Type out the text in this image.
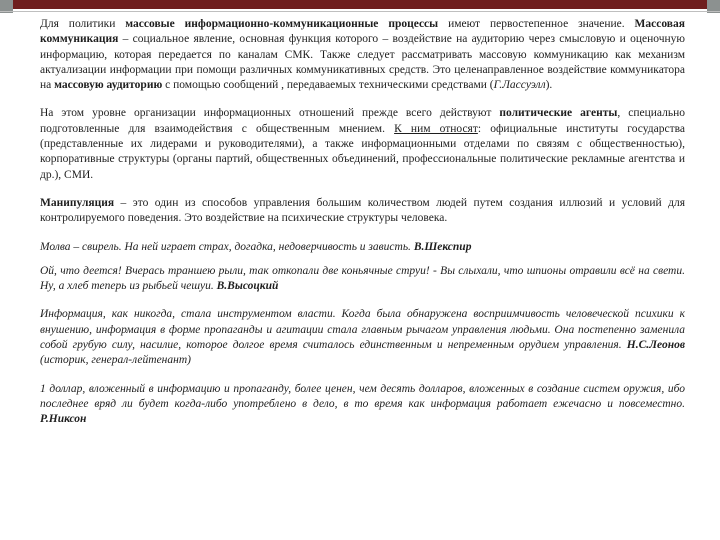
Для политики массовые информационно-коммуникационные процессы имеют первостепенное значение. Массовая коммуникация – социальное явление, основная функция которого – воздействие на аудиторию через смысловую и оценочную информацию, которая передается по каналам СМК. Также следует рассматривать массовую коммуникацию как механизм актуализации информации при помощи различных коммуникативных средств. Это целенаправленное воздействие коммуникатора на массовую аудиторию с помощью сообщений , передаваемых техническими средствами (Г.Лассуэлл).

На этом уровне организации информационных отношений прежде всего действуют политические агенты, специально подготовленные для взаимодействия с общественным мнением. К ним относят: официальные институты государства (представленные их лидерами и руководителями), а также информационными отделами по связям с общественностью), корпоративные структуры (органы партий, общественных объединений, профессиональные политические рекламные агентства и др.), СМИ.

Манипуляция – это один из способов управления большим количеством людей путем создания иллюзий и условий для контролируемого поведения. Это воздействие на психические структуры человека.

Молва – свирель. На ней играет страх, догадка, недоверчивость и зависть. В.Шекспир

Ой, что деется! Вчерась траншею рыли, так откопали две коньячные струи! - Вы слыхали, что шпионы отравили всё на свети. Ну, а хлеб теперь из рыбьей чешуи. В.Высоцкий

Информация, как никогда, стала инструментом власти. Когда была обнаружена восприимчивость человеческой психики к внушению, информация в форме пропаганды и агитации стала главным рычагом управления людьми. Она постепенно заменила собой грубую силу, насилие, которое долгое время считалось единственным и непременным орудием управления. Н.С.Леонов (историк, генерал-лейтенант)

1 доллар, вложенный в информацию и пропаганду, более ценен, чем десять долларов, вложенных в создание систем оружия, ибо последнее вряд ли будет когда-либо употреблено в дело, в то время как информация работает ежечасно и повсеместно. Р.Никсон
